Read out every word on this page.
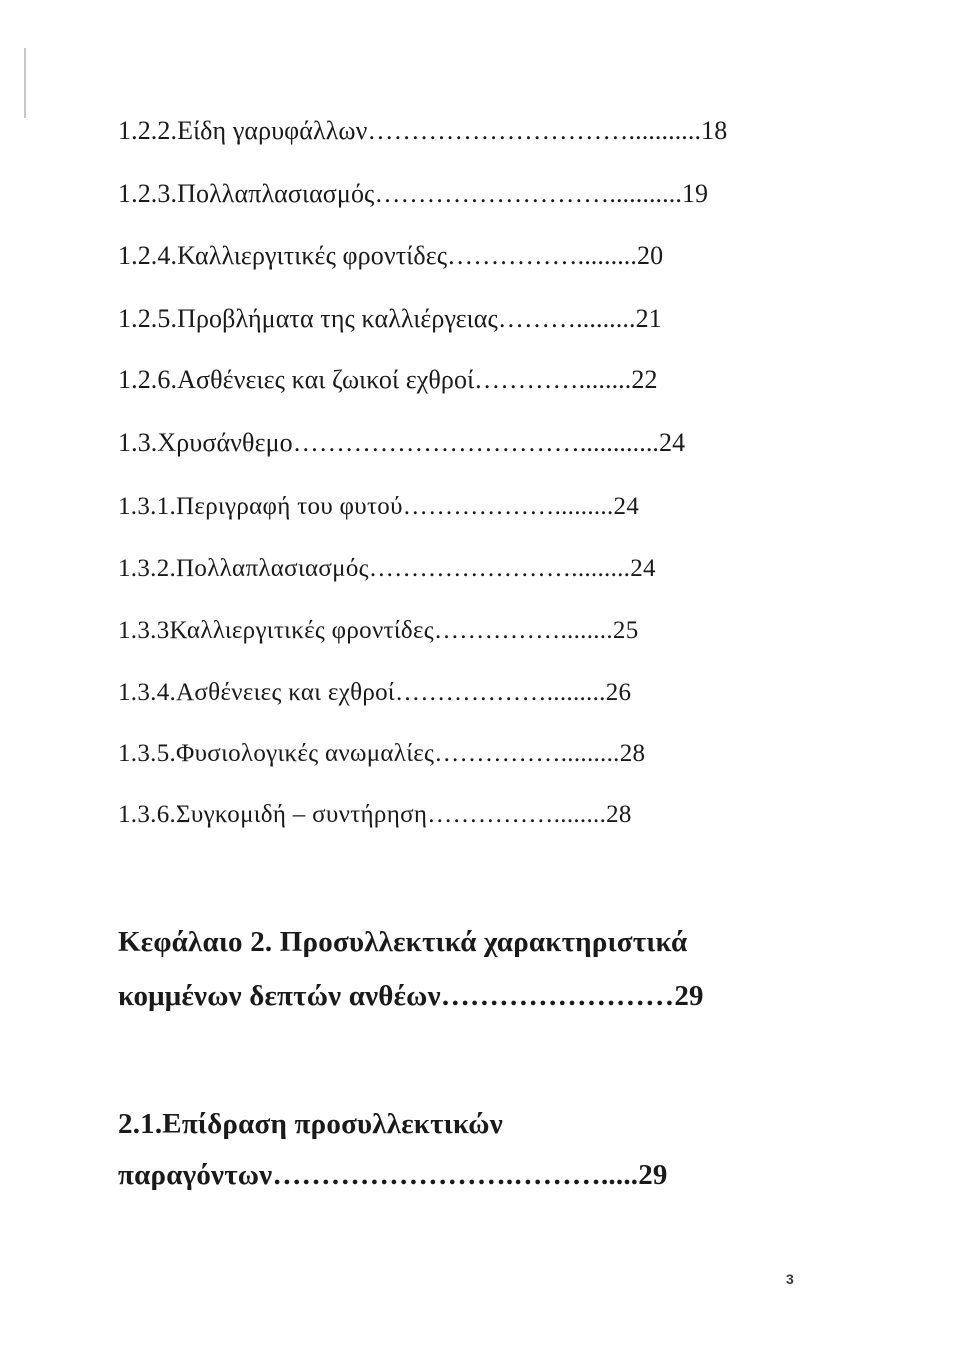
1.2.2.Είδη γαρυφάλλων…………………………...........18
1.2.3.Πολλαπλασιασμός………………………...........19
1.2.4.Καλλιεργιτικές φροντίδες…………….........20
1.2.5.Προβλήματα της καλλιέργειας……….........21
1.2.6.Ασθένειες και ζωικοί εχθροί…………........22
1.3.Χρυσάνθεμο……………………………............24
1.3.1.Περιγραφή του φυτού……………….........24
1.3.2.Πολλαπλασιασμός…………………….........24
1.3.3Καλλιεργιτικές φροντίδες……………........25
1.3.4.Ασθένειες και εχθροί……………….........26
1.3.5.Φυσιολογικές ανωμαλίες…………….........28
1.3.6.Συγκομιδή – συντήρηση……………........28
Κεφάλαιο 2. Προσυλλεκτικά χαρακτηριστικά
κομμένων δεπτών ανθέων……………………29
2.1.Επίδραση προσυλλεκτικών
παραγόντων…………………….……….....29
3
